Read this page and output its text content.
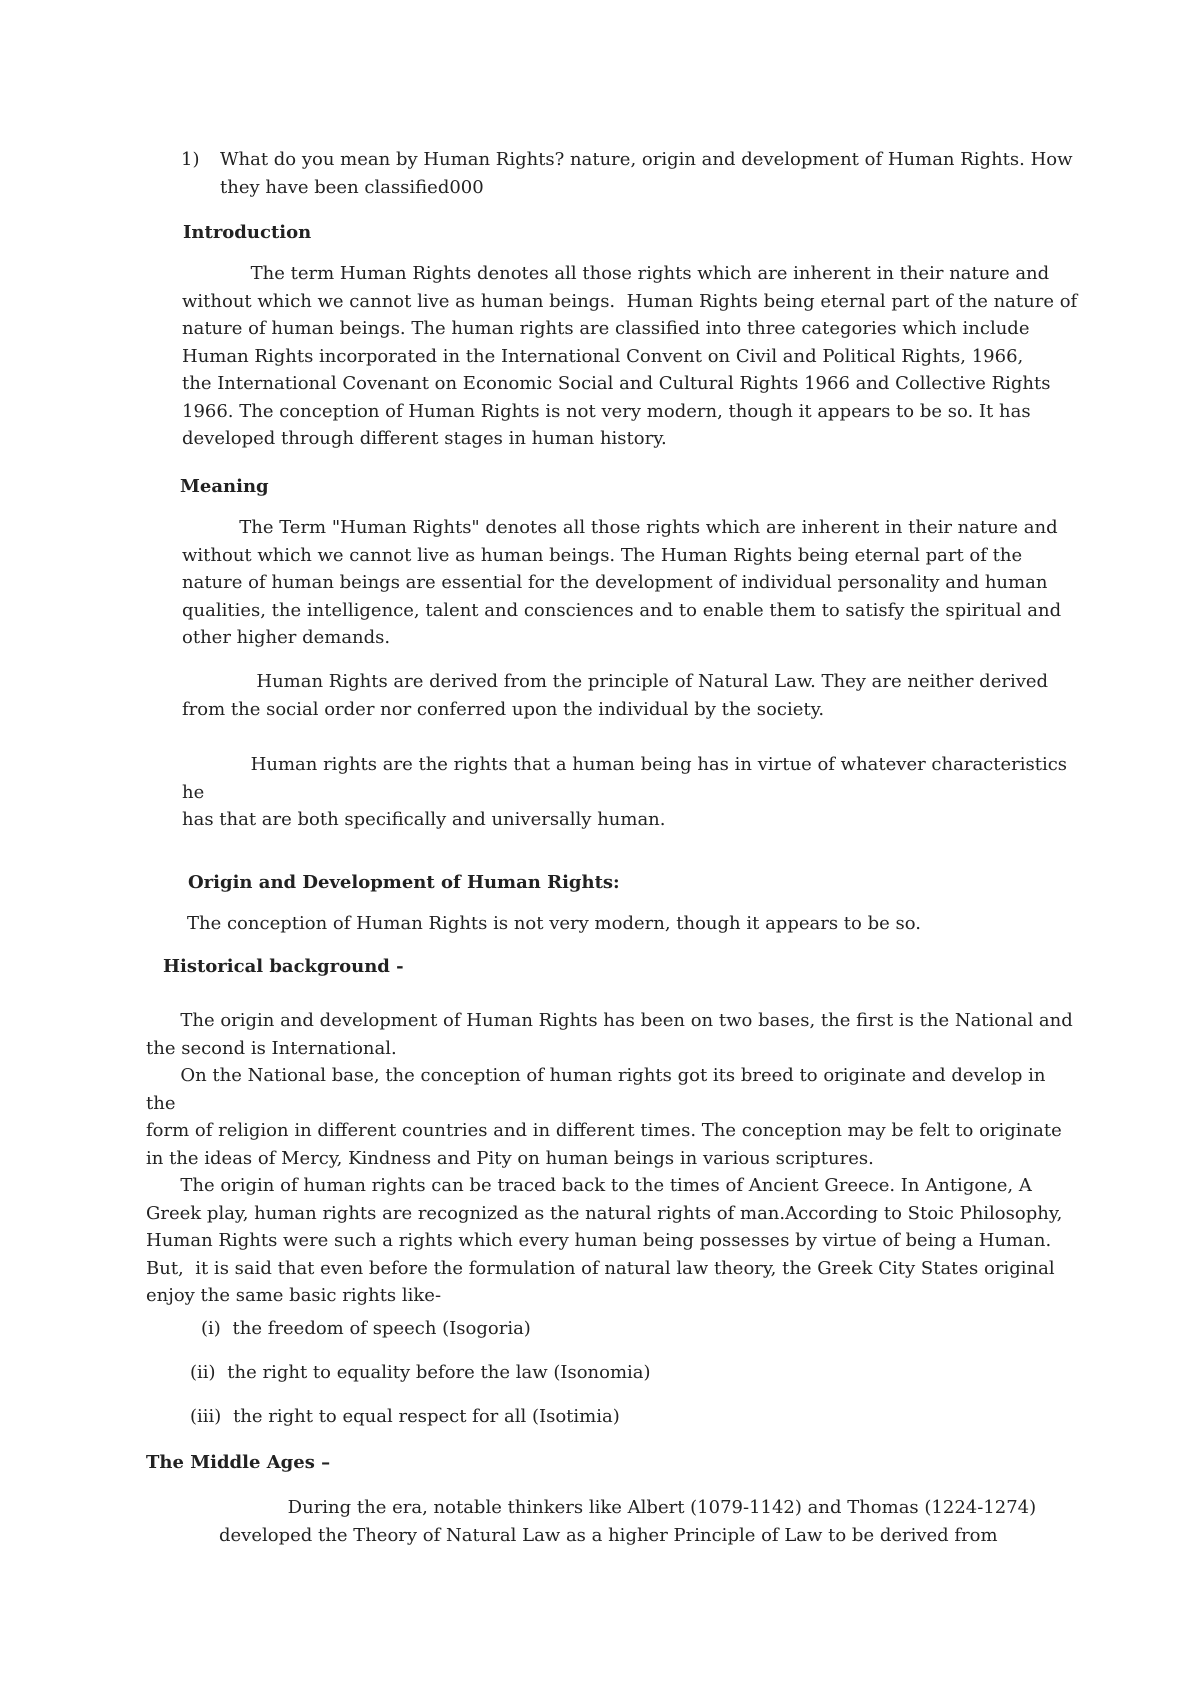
1) What do you mean by Human Rights? nature, origin and development of Human Rights. How they have been classified000

Introduction
The term Human Rights denotes all those rights which are inherent in their nature and
without which we cannot live as human beings.  Human Rights being eternal part of the nature of
nature of human beings. The human rights are classified into three categories which include
Human Rights incorporated in the International Convent on Civil and Political Rights, 1966,
the International Covenant on Economic Social and Cultural Rights 1966 and Collective Rights
1966. The conception of Human Rights is not very modern, though it appears to be so. It has
developed through different stages in human history.
Meaning
The Term "Human Rights" denotes all those rights which are inherent in their nature and
without which we cannot live as human beings. The Human Rights being eternal part of the
nature of human beings are essential for the development of individual personality and human
qualities, the intelligence, talent and consciences and to enable them to satisfy the spiritual and
other higher demands.
Human Rights are derived from the principle of Natural Law. They are neither derived
from the social order nor conferred upon the individual by the society.
Human rights are the rights that a human being has in virtue of whatever characteristics he
has that are both specifically and universally human.
Origin and Development of Human Rights:
The conception of Human Rights is not very modern, though it appears to be so.
Historical background -
The origin and development of Human Rights has been on two bases, the first is the National and
the second is International.
On the National base, the conception of human rights got its breed to originate and develop in the
form of religion in different countries and in different times. The conception may be felt to originate
in the ideas of Mercy, Kindness and Pity on human beings in various scriptures.
The origin of human rights can be traced back to the times of Ancient Greece. In Antigone, A
Greek play, human rights are recognized as the natural rights of man.According to Stoic Philosophy,
Human Rights were such a rights which every human being possesses by virtue of being a Human.
But,  it is said that even before the formulation of natural law theory, the Greek City States original
enjoy the same basic rights like-
(i) the freedom of speech (Isogoria)
(ii) the right to equality before the law (Isonomia)
(iii) the right to equal respect for all (Isotimia)
The Middle Ages –
During the era, notable thinkers like Albert (1079-1142) and Thomas (1224-1274)
developed the Theory of Natural Law as a higher Principle of Law to be derived from
